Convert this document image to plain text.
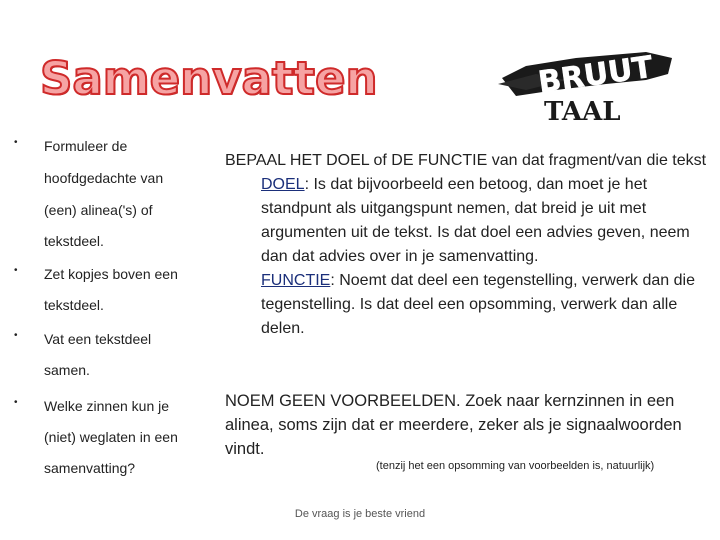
Samenvatten	BRUUT
TAAL
• Formuleer de
hoofdgedachte van
(een) alinea('s) of
tekstdeel.
• Zet kopjes boven een
tekstdeel.
• Vat een tekstdeel
samen.
• Welke zinnen kun je
(niet) weglaten in een
samenvatting?
BEPAAL HET DOEL of DE FUNCTIE van dat fragment/van die tekst
DOEL: Is dat bijvoorbeeld een betoog, dan moet je het standpunt als uitgangspunt nemen, dat breid je uit met argumenten uit de tekst. Is dat doel een advies geven, neem dan dat advies over in je samenvatting.
FUNCTIE: Noemt dat deel een tegenstelling, verwerk dan die tegenstelling. Is dat deel een opsomming, verwerk dan alle delen.
NOEM GEEN VOORBEELDEN. Zoek naar kernzinnen in een alinea, soms zijn dat er meerdere, zeker als je signaalwoorden vindt.
(tenzij het een opsomming van voorbeelden is, natuurlijk)
De vraag is je beste vriend
